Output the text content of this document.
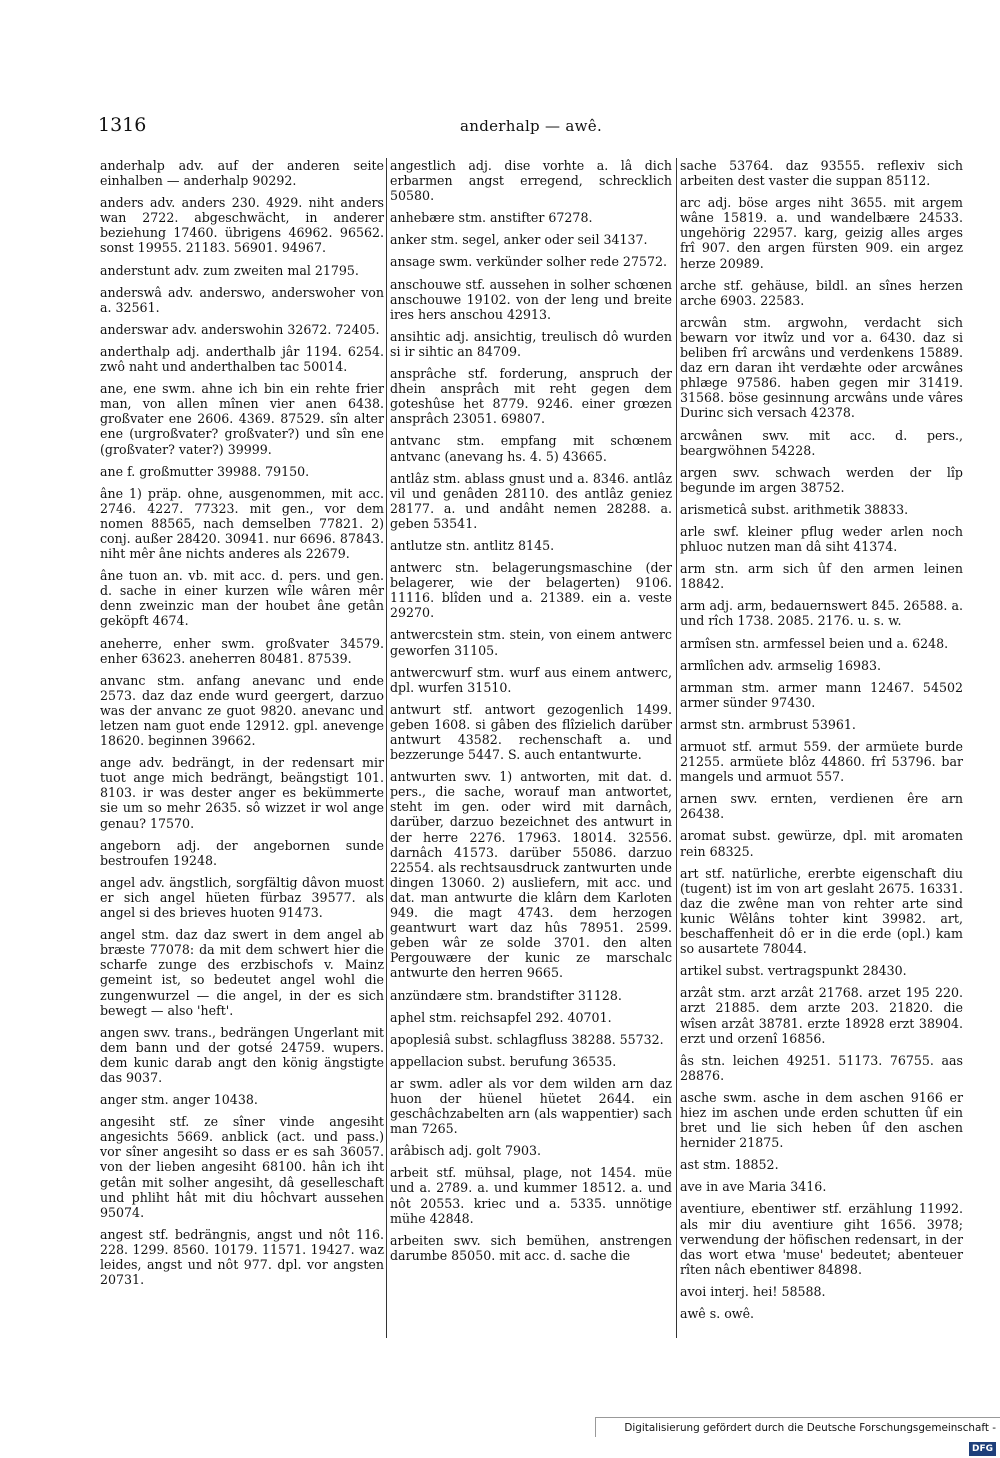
1316	anderhalp — awê.

anderhalp adv. auf der anderen seite einhalben — anderhalp 90292.

anders adv. anders 230. 4929. niht anders wan 2722. abgeschwächt, in anderer beziehung 17460. übrigens 46962. 96562. sonst 19955. 21183. 56901. 94967.

anderstunt adv. zum zweiten mal 21795.

anderswâ adv. anderswo, anderswoher von a. 32561.

anderswar adv. anderswohin 32672. 72405.

anderthalp adj. anderthalb jâr 1194. 6254. zwô naht und anderthalben tac 50014.

ane, ene swm. ahne ich bin ein rehte frier man, von allen mînen vier anen 6438. großvater ene 2606. 4369. 87529. sîn alter ene (urgroßvater? großvater?) und sîn ene (großvater? vater?) 39999.

ane f. großmutter 39988. 79150.

âne 1) präp. ohne, ausgenommen, mit acc. 2746. 4227. 77323. mit gen., vor dem nomen 88565, nach demselben 77821. 2) conj. außer 28420. 30941. nur 6696. 87843. niht mêr âne nichts anderes als 22679.

âne tuon an. vb. mit acc. d. pers. und gen. d. sache in einer kurzen wîle wâren mêr denn zweinzic man der houbet âne getân geköpft 4674.

aneherre, enher swm. großvater 34579. enher 63623. aneherren 80481. 87539.

anvanc stm. anfang anevanc und ende 2573. daz daz ende wurd geergert, darzuo was der anvanc ze guot 9820. anevanc und letzen nam guot ende 12912. gpl. anevenge 18620. beginnen 39662.

ange adv. bedrängt, in der redensart mir tuot ange mich bedrängt, beängstigt 101. 8103. ir was dester anger es bekümmerte sie um so mehr 2635. sô wizzet ir wol ange genau? 17570.

angeborn adj. der angebornen sunde bestroufen 19248.

angel adv. ängstlich, sorgfältig dâvon muost er sich angel hüeten fürbaz 39577. als angel si des brieves huoten 91473.

angel stm. daz daz swert in dem angel ab bræste 77078: da mit dem schwert hier die scharfe zunge des erzbischofs v. Mainz gemeint ist, so bedeutet angel wohl die zungenwurzel — die angel, in der es sich bewegt — also 'heft'.

angen swv. trans., bedrängen Ungerlant mit dem bann und der gotsé 24759. wupers. dem kunic darab angt den könig ängstigte das 9037.

anger stm. anger 10438.

angesiht stf. ze sîner vinde angesiht angesichts 5669. anblick (act. und pass.) vor sîner angesiht so dass er es sah 36057. von der lieben angesiht 68100. hân ich iht getân mit solher angesiht, dâ geselleschaft und phliht hât mit diu hôchvart aussehen 95074.

angest stf. bedrängnis, angst und nôt 116. 228. 1299. 8560. 10179. 11571. 19427. waz leides, angst und nôt 977. dpl. vor angsten 20731.

angestlich adj. dise vorhte a. lâ dich erbarmen angst erregend, schrecklich 50580.

anhebære stm. anstifter 67278.

anker stm. segel, anker oder seil 34137.

ansage swm. verkünder solher rede 27572.

anschouwe stf. aussehen in solher schœnen anschouwe 19102. von der leng und breite ires hers anschou 42913.

ansihtic adj. ansichtig, treulisch dô wurden si ir sihtic an 84709.

ansprâche stf. forderung, anspruch der dhein ansprâch mit reht gegen dem goteshûse het 8779. 9246. einer grœzen ansprâch 23051. 69807.

antvanc stm. empfang mit schœnem antvanc (anevang hs. 4. 5) 43665.

antlâz stm. ablass gnust und a. 8346. antlâz vil und genâden 28110. des antlâz geniez 28177. a. und andâht nemen 28288. a. geben 53541.

antlutze stn. antlitz 8145.

antwerc stn. belagerungsmaschine (der belagerer, wie der belagerten) 9106. 11116. blîden und a. 21389. ein a. veste 29270.

antwercstein stm. stein, von einem antwerc geworfen 31105.

antwercwurf stm. wurf aus einem antwerc, dpl. wurfen 31510.

antwurt stf. antwort gezogenlich 1499. geben 1608. si gâben des flîzielich darüber antwurt 43582. rechenschaft a. und bezzerunge 5447. S. auch entantwurte.

antwurten swv. 1) antworten, mit dat. d. pers., die sache, worauf man antwortet, steht im gen. oder wird mit darnâch, darüber, darzuo bezeichnet des antwurt in der herre 2276. 17963. 18014. 32556. darnâch 41573. darüber 55086. darzuo 22554. als rechtsausdruck zantwurten unde dingen 13060. 2) ausliefern, mit acc. und dat. man antwurte die klârn dem Karloten 949. die magt 4743. dem herzogen geantwurt wart daz hûs 78951. 2599. geben wâr ze solde 3701. den alten Pergouwære der kunic ze marschalc antwurte den herren 9665.

anzündære stm. brandstifter 31128.

aphel stm. reichsapfel 292. 40701.

apoplesiâ subst. schlagfluss 38288. 55732.

appellacion subst. berufung 36535.

ar swm. adler als vor dem wilden arn daz huon der hüenel hüetet 2644. ein geschâchzabelten arn (als wappentier) sach man 7265.

arâbisch adj. golt 7903.

arbeit stf. mühsal, plage, not 1454. müe und a. 2789. a. und kummer 18512. a. und nôt 20553. kriec und a. 5335. unnötige mühe 42848.

arbeiten swv. sich bemühen, anstrengen darumbe 85050. mit acc. d. sache die

sache 53764. daz 93555. reflexiv sich arbeiten dest vaster die suppan 85112.

arc adj. böse arges niht 3655. mit argem wâne 15819. a. und wandelbære 24533. ungehörig 22957. karg, geizig alles arges frî 907. den argen fürsten 909. ein argez herze 20989.

arche stf. gehäuse, bildl. an sînes herzen arche 6903. 22583.

arcwân stm. argwohn, verdacht sich bewarn vor itwîz und vor a. 6430. daz si beliben frî arcwâns und verdenkens 15889. daz ern daran iht verdæhte oder arcwânes phlæge 97586. haben gegen mir 31419. 31568. böse gesinnung arcwâns unde vâres Durinc sich versach 42378.

arcwânen swv. mit acc. d. pers., beargwöhnen 54228.

argen swv. schwach werden der lîp begunde im argen 38752.

arismeticâ subst. arithmetik 38833.

arle swf. kleiner pflug weder arlen noch phluoc nutzen man dâ siht 41374.

arm stn. arm sich ûf den armen leinen 18842.

arm adj. arm, bedauernswert 845. 26588. a. und rîch 1738. 2085. 2176. u. s. w.

armîsen stn. armfessel beien und a. 6248.

armlîchen adv. armselig 16983.

armman stm. armer mann 12467. 54502 armer sünder 97430.

armst stn. armbrust 53961.

armuot stf. armut 559. der armüete burde 21255. armüete blôz 44860. frî 53796. bar mangels und armuot 557.

arnen swv. ernten, verdienen êre arn 26438.

aromat subst. gewürze, dpl. mit aromaten rein 68325.

art stf. natürliche, ererbte eigenschaft diu (tugent) ist im von art geslaht 2675. 16331. daz die zwêne man von rehter arte sind kunic Wêlâns tohter kint 39982. art, beschaffenheit dô er in die erde (opl.) kam so ausartete 78044.

artikel subst. vertragspunkt 28430.

arzât stm. arzt arzât 21768. arzet 195 220. arzt 21885. dem arzte 203. 21820. die wîsen arzât 38781. erzte 18928 erzt 38904. erzt und orzenî 16856.

âs stn. leichen 49251. 51173. 76755. aas 28876.

asche swm. asche in dem aschen 9166 er hiez im aschen unde erden schutten ûf ein bret und lie sich heben ûf den aschen hernider 21875.

ast stm. 18852.

ave in ave Maria 3416.

aventiure, ebentiwer stf. erzählung 11992. als mir diu aventiure giht 1656. 3978; verwendung der höfischen redensart, in der das wort etwa 'muse' bedeutet; abenteuer rîten nâch ebentiwer 84898.

avoi interj. hei! 58588.

awê s. owê.

Digitalisierung gefördert durch die Deutsche Forschungsgemeinschaft - DFG
